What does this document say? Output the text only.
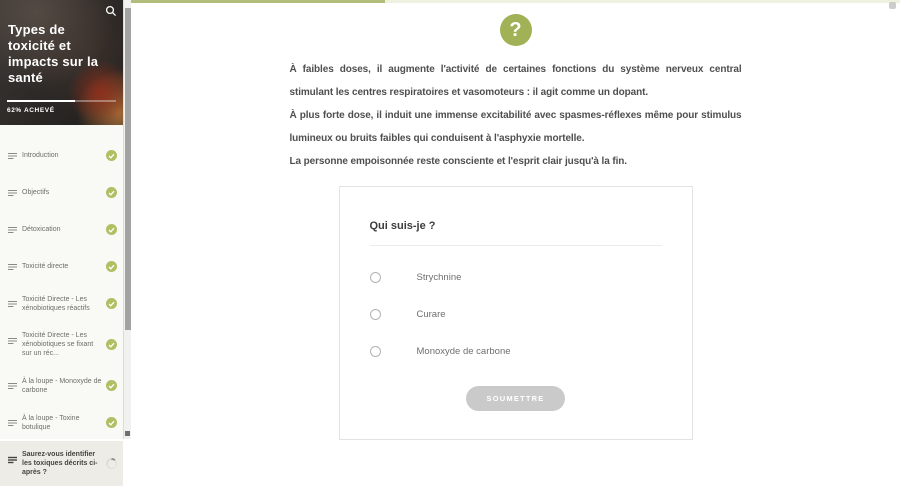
Types de toxicité et impacts sur la santé
62% ACHEVÉ
Introduction
Objectifs
Détoxication
Toxicité directe
Toxicité Directe - Les xénobiotiques réactifs
Toxicité Directe - Les xénobiotiques se fixant sur un réc...
À la loupe - Monoxyde de carbone
À la loupe - Toxine botulique
Saurez-vous identifier les toxiques décrits ci-après ?
?

À faibles doses, il augmente l'activité de certaines fonctions du système nerveux central stimulant les centres respiratoires et vasomoteurs : il agit comme un dopant.

À plus forte dose, il induit une immense excitabilité avec spasmes-réflexes même pour stimulus lumineux ou bruits faibles qui conduisent à l'asphyxie mortelle.

La personne empoisonnée reste consciente et l'esprit clair jusqu'à la fin.

Qui suis-je ?
Strychnine
Curare
Monoxyde de carbone
SOUMETTRE
